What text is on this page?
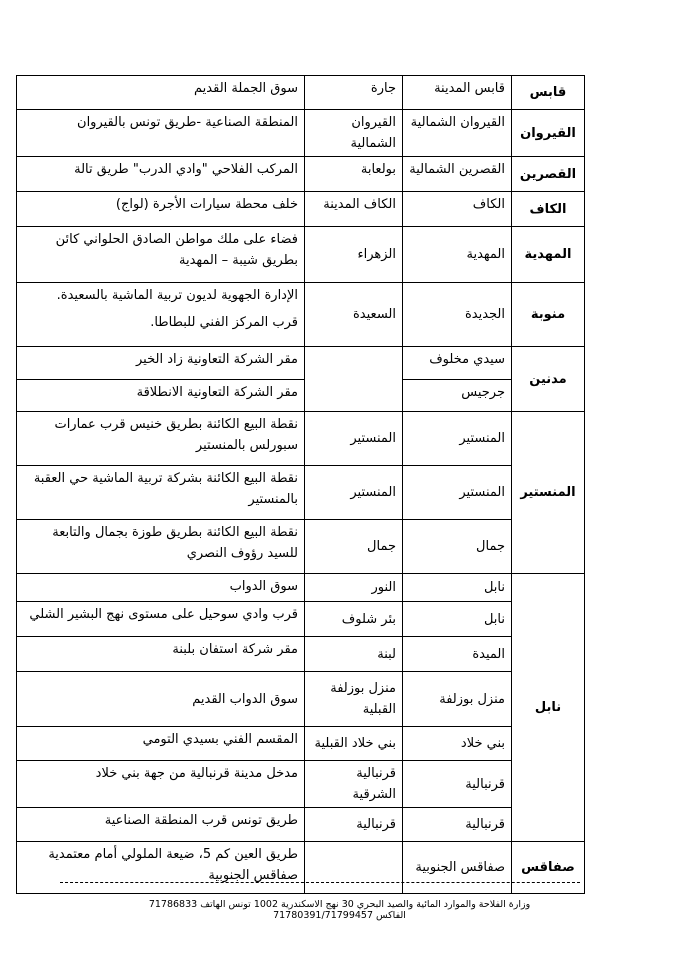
قابس	قابس المدينة	جارة	سوق الجملة القديم

القيروان	القيروان الشمالية	القيروان الشمالية	المنطقة الصناعية -طريق تونس بالقيروان

القصرين	القصرين الشمالية	بولعابة	المركب الفلاحي "وادي الدرب" طريق تالة

الكاف	الكاف	الكاف المدينة	خلف محطة سيارات الأجرة (لواج)

المهدية	المهدية	الزهراء	فضاء على ملك مواطن الصادق الحلواني كائن بطريق شيبة – المهدية

منوبة	الجديدة	السعيدة	الإدارة الجهوية لديون تربية الماشية بالسعيدة.
قرب المركز الفني للبطاطا.

مدنين	سيدي مخلوف		مقر الشركة التعاونية زاد الخير

	جرجيس		مقر الشركة التعاونية الانطلاقة

المنستير	المنستير	المنستير	نقطة البيع الكائنة بطريق خنيس قرب عمارات سبورلس بالمنستير

	المنستير	المنستير	نقطة البيع الكائنة بشركة تربية الماشية حي العقبة بالمنستير

	جمال	جمال	نقطة البيع الكائنة بطريق طوزة بجمال والتابعة للسيد رؤوف النصري

نابل	نابل	النور	سوق الدواب

	نابل	بئر شلوف	قرب وادي سوحيل على مستوى نهج البشير الشلي

	الميدة	لبنة	مقر شركة استفان بلبنة

	منزل بوزلفة	منزل بوزلفة القبلية	سوق الدواب القديم

	بني خلاد	بني خلاد القبلية	المقسم الفني بسيدي التومي

	قرنبالية	قرنبالية الشرقية	مدخل مدينة قرنبالية من جهة بني خلاد

	قرنبالية	قرنبالية	طريق تونس قرب المنطقة الصناعية

صفاقس	صفاقس الجنوبية		طريق العين كم 5، ضيعة الملولي أمام معتمدية صفاقس الجنوبية
وزارة الفلاحة والموارد المائية والصيد البحري 30 نهج الاسكندرية 1002 تونس الهاتف 71786833
الفاكس 71780391/71799457
